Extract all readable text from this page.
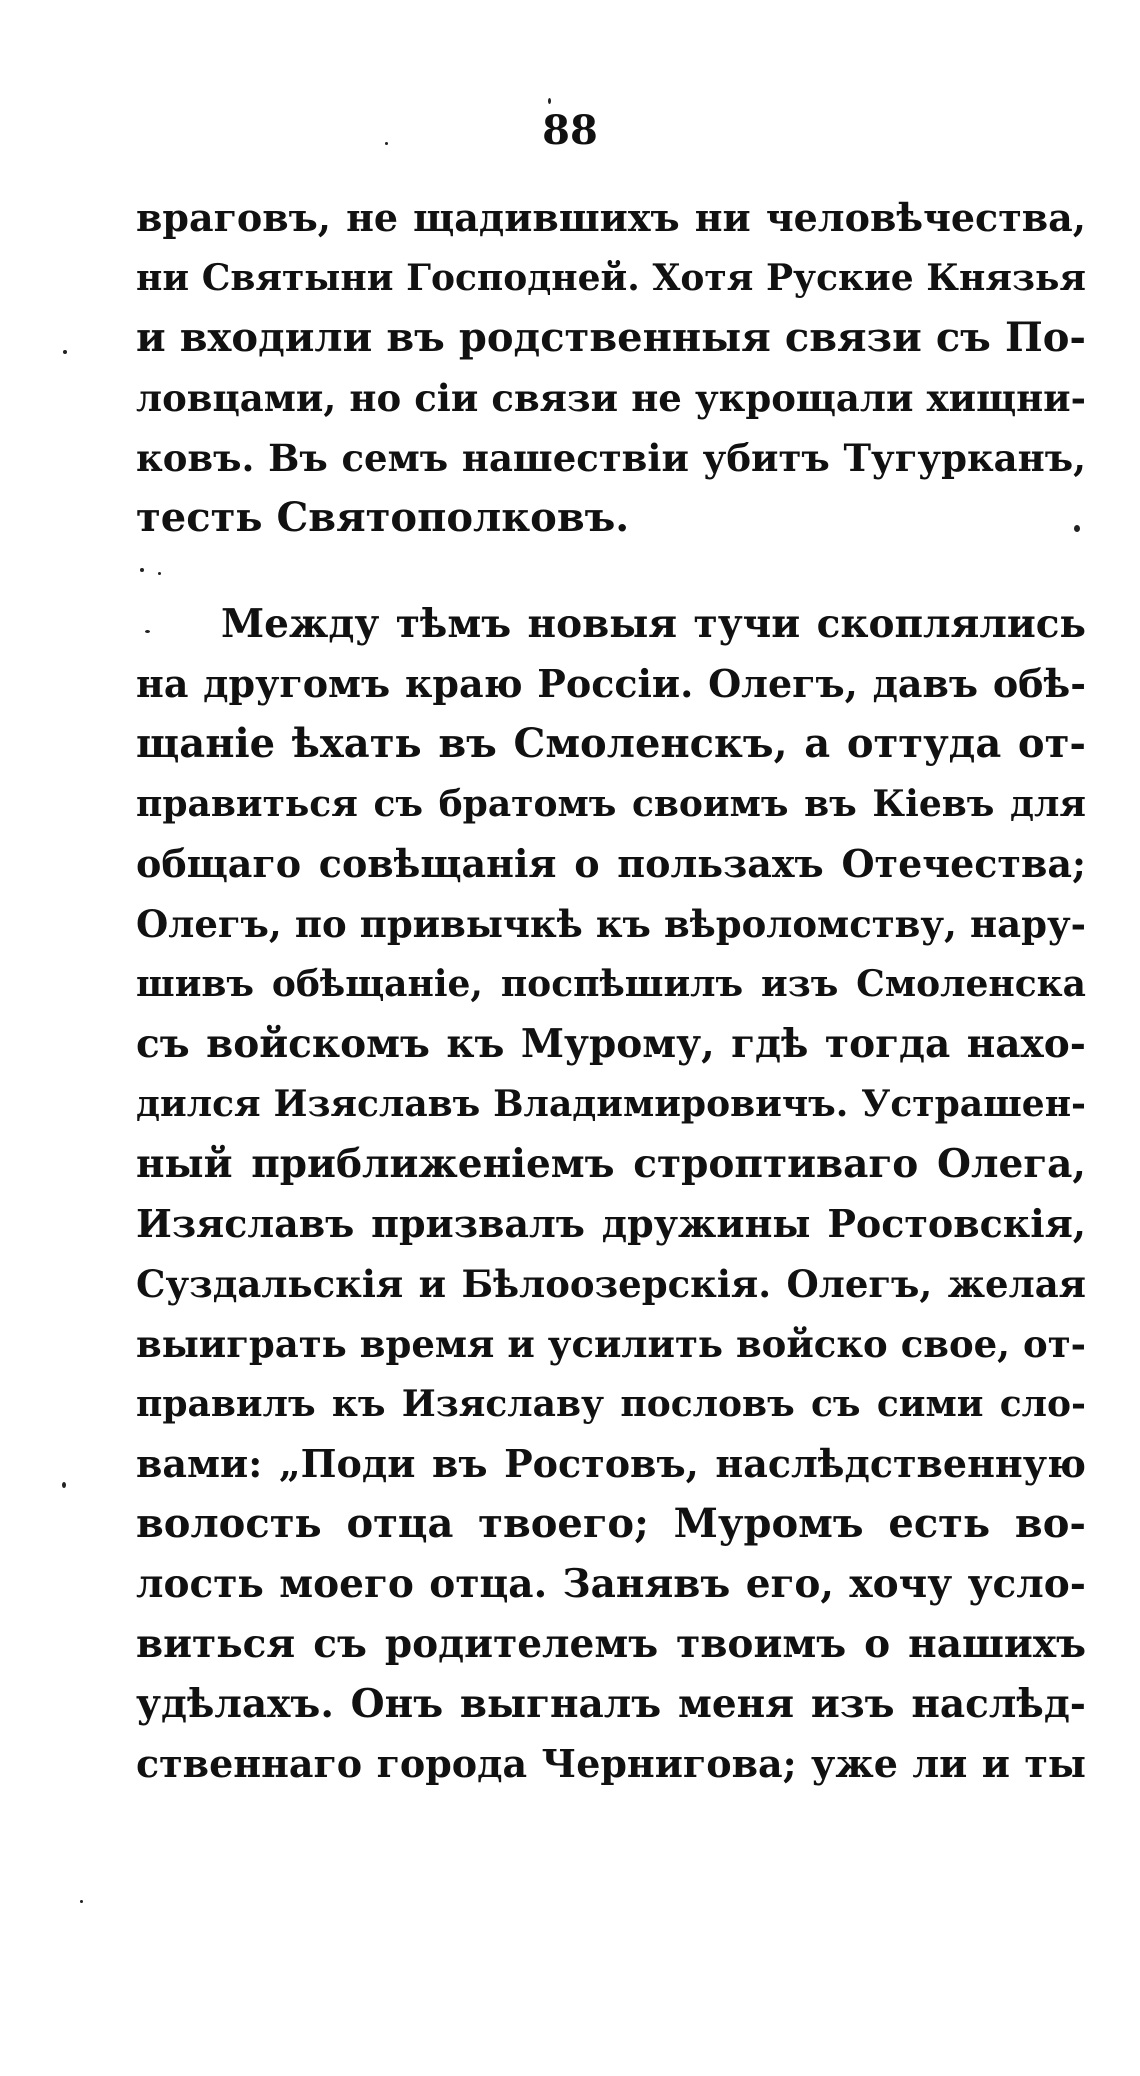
88
враговъ, не щадившихъ ни человѣчества,
ни Святыни Господней. Хотя Руские Князья
и входили въ родственныя связи съ По-
ловцами, но сіи связи не укрощали хищни-
ковъ. Въ семъ нашествіи убитъ Тугурканъ,
тесть Святополковъ.
Между тѣмъ новыя тучи скоплялись
на другомъ краю Россіи. Олегъ, давъ обѣ-
щаніе ѣхать въ Смоленскъ, а оттуда от-
правиться съ братомъ своимъ въ Кіевъ для
общаго совѣщанія о пользахъ Отечества;
Олегъ, по привычкѣ къ вѣроломству, нару-
шивъ обѣщаніе, поспѣшилъ изъ Смоленска
съ войскомъ къ Мурому, гдѣ тогда нахо-
дился Изяславъ Владимировичъ. Устрашен-
ный приближеніемъ строптиваго Олега,
Изяславъ призвалъ дружины Ростовскія,
Суздальскія и Бѣлоозерскія. Олегъ, желая
выиграть время и усилить войско свое, от-
правилъ къ Изяславу пословъ съ сими сло-
вами: „Поди въ Ростовъ, наслѣдственную
волость отца твоего; Муромъ есть во-
лость моего отца. Занявъ его, хочу усло-
виться съ родителемъ твоимъ о нашихъ
удѣлахъ. Онъ выгналъ меня изъ наслѣд-
ственнаго города Чернигова; уже ли и ты
